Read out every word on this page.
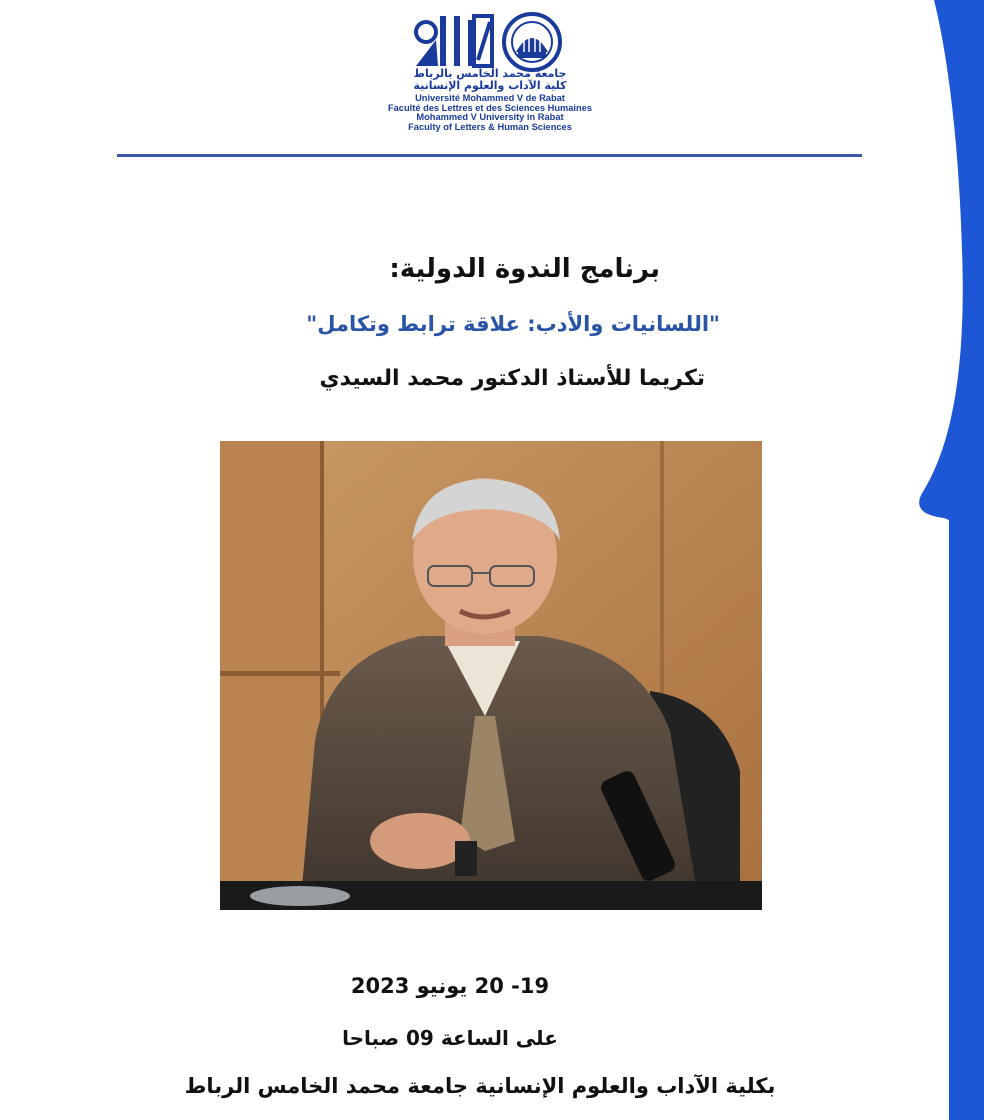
جامعة محمد الخامس بالرباط
كلية الآداب والعلوم الإنسانية
Université Mohammed V de Rabat
Faculté des Lettres et des Sciences Humaines
Mohammed V University in Rabat
Faculty of Letters & Human Sciences

برنامج الندوة الدولية:

"اللسانيات والأدب: علاقة ترابط وتكامل"

تكريما للأستاذ الدكتور محمد السيدي

19- 20 يونيو 2023

على الساعة 09 صباحا

بكلية الآداب والعلوم الإنسانية جامعة محمد الخامس الرباط
